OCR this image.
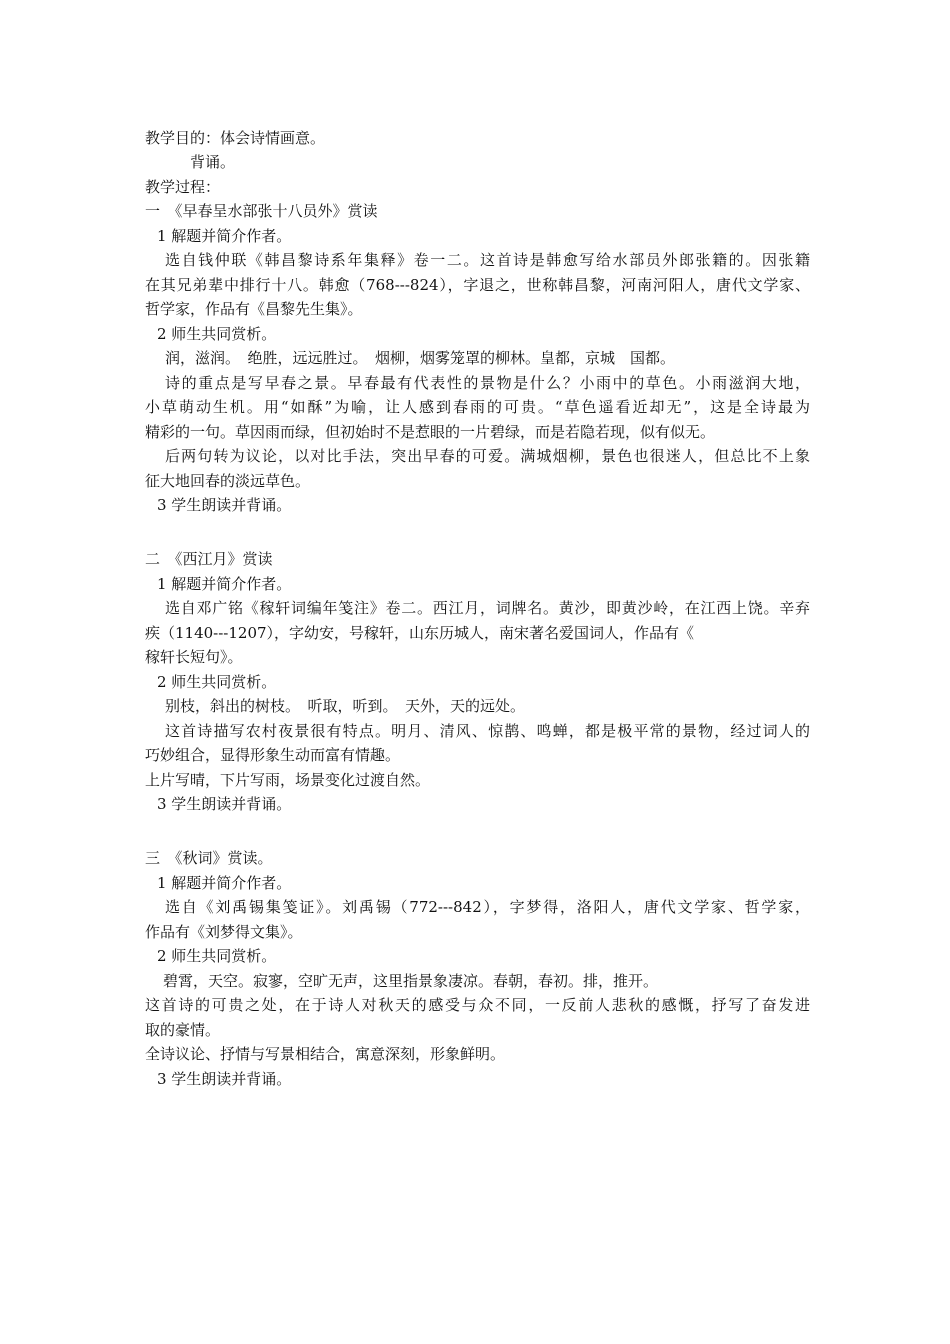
教学目的：体会诗情画意。
背诵。
教学过程：
一　《早春呈水部张十八员外》赏读
1 解题并简介作者。
选自钱仲联《韩昌黎诗系年集释》卷一二。这首诗是韩愈写给水部员外郎张籍的。因张籍
在其兄弟辈中排行十八。韩愈（768---824），字退之，世称韩昌黎，河南河阳人，唐代文学家、
哲学家，作品有《昌黎先生集》。
2 师生共同赏析。
润，滋润。　绝胜，远远胜过。　烟柳，烟雾笼罩的柳林。皇都，京城　国都。
诗的重点是写早春之景。早春最有代表性的景物是什么？小雨中的草色。小雨滋润大地，
小草萌动生机。用“如酥”为喻，让人感到春雨的可贵。“草色遥看近却无”，这是全诗最为
精彩的一句。草因雨而绿，但初始时不是惹眼的一片碧绿，而是若隐若现，似有似无。
后两句转为议论，以对比手法，突出早春的可爱。满城烟柳，景色也很迷人，但总比不上象
征大地回春的淡远草色。
3 学生朗读并背诵。
二　《西江月》赏读
1 解题并简介作者。
选自邓广铭《稼轩词编年笺注》卷二。西江月，词牌名。黄沙，即黄沙岭，在江西上饶。辛弃
疾（1140---1207），字幼安，号稼轩，山东历城人，南宋著名爱国词人，作品有《
稼轩长短句》。
2 师生共同赏析。
别枝，斜出的树枝。　听取，听到。　天外，天的远处。
这首诗描写农村夜景很有特点。明月、清风、惊鹊、鸣蝉，都是极平常的景物，经过词人的
巧妙组合，显得形象生动而富有情趣。
上片写晴，下片写雨，场景变化过渡自然。
3 学生朗读并背诵。
三　《秋词》赏读。
1 解题并简介作者。
选自《刘禹锡集笺证》。刘禹锡（772---842），字梦得，洛阳人，唐代文学家、哲学家，
作品有《刘梦得文集》。
2 师生共同赏析。
碧霄，天空。寂寥，空旷无声，这里指景象凄凉。春朝，春初。排，推开。
这首诗的可贵之处，在于诗人对秋天的感受与众不同，一反前人悲秋的感慨，抒写了奋发进
取的豪情。
全诗议论、抒情与写景相结合，寓意深刻，形象鲜明。
3 学生朗读并背诵。
